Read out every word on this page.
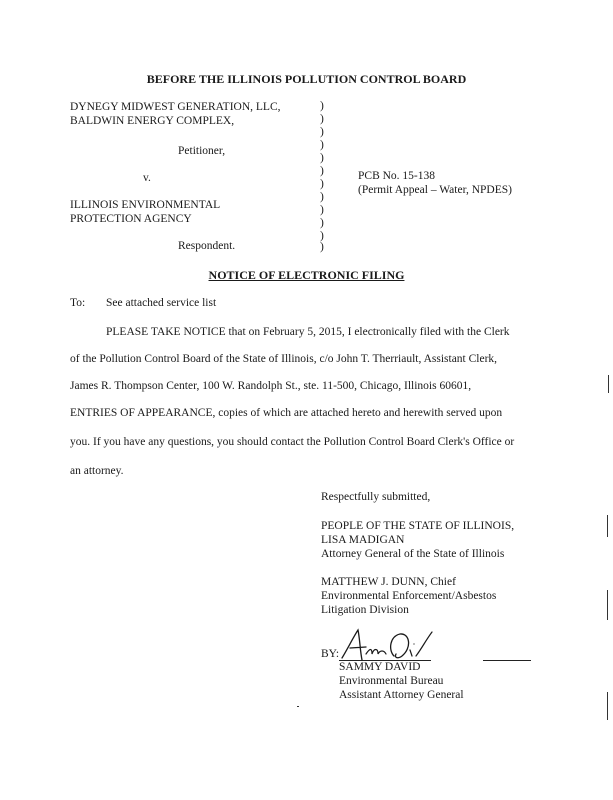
BEFORE THE ILLINOIS POLLUTION CONTROL BOARD
DYNEGY MIDWEST GENERATION, LLC,
BALDWIN ENERGY COMPLEX,
Petitioner,
v.
ILLINOIS ENVIRONMENTAL
PROTECTION AGENCY
Respondent.
)
)
)
)
)
)
)
)
)
)
)
)
PCB No. 15-138
(Permit Appeal – Water, NPDES)
NOTICE OF ELECTRONIC FILING
To: See attached service list
PLEASE TAKE NOTICE that on February 5, 2015, I electronically filed with the Clerk
of the Pollution Control Board of the State of Illinois, c/o John T. Therriault, Assistant Clerk,
James R. Thompson Center, 100 W. Randolph St., ste. 11-500, Chicago, Illinois 60601,
ENTRIES OF APPEARANCE, copies of which are attached hereto and herewith served upon
you. If you have any questions, you should contact the Pollution Control Board Clerk's Office or
an attorney.
Respectfully submitted,
PEOPLE OF THE STATE OF ILLINOIS,
LISA MADIGAN
Attorney General of the State of Illinois
MATTHEW J. DUNN, Chief
Environmental Enforcement/Asbestos
Litigation Division
BY:
SAMMY DAVID
Environmental Bureau
Assistant Attorney General
